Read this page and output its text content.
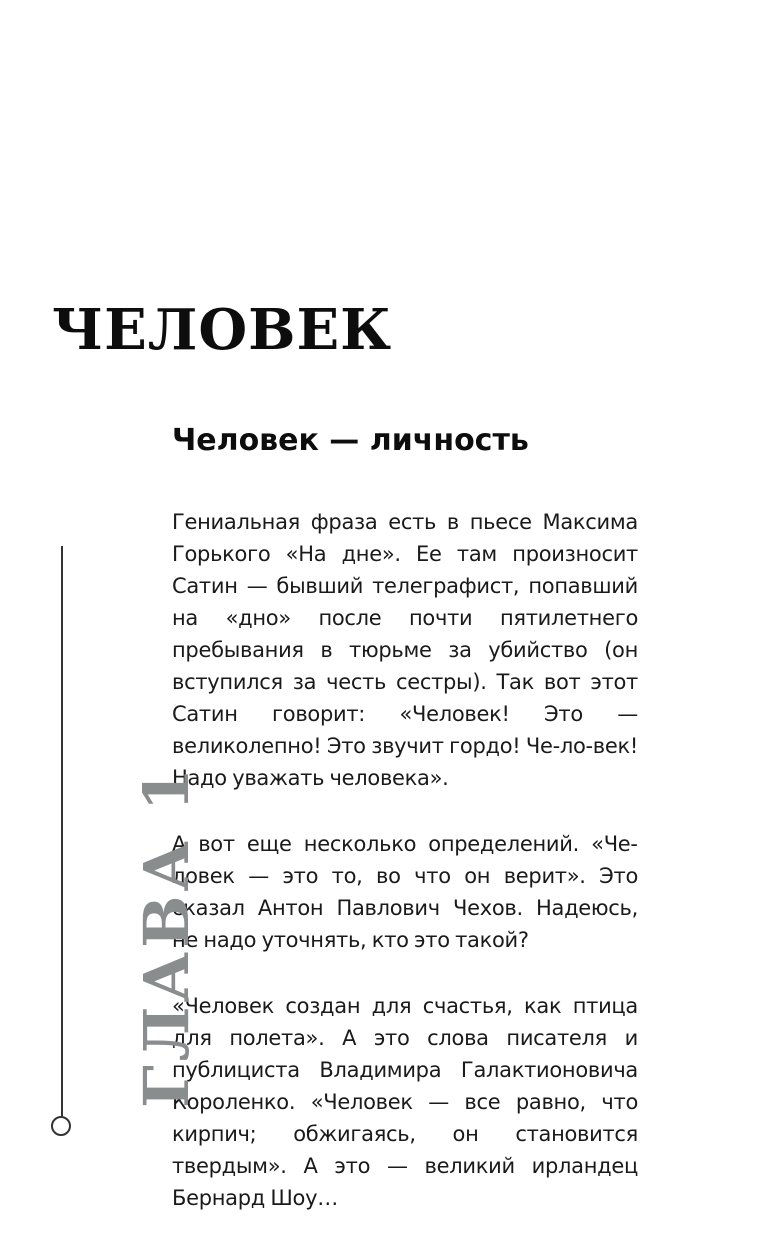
ЧЕЛОВЕК
Человек — личность

Гениальная фраза есть в пьесе Максима Горького «На дне». Ее там произносит Сатин — бывший телеграфист, попавший на «дно» после почти пятилетнего пребывания в тюрьме за убийство (он вступился за честь сестры). Так вот этот Сатин говорит: «Человек! Это — великолепно! Это звучит гордо! Че-ло-век! Надо уважать человека».

А вот еще несколько определений. «Человек — это то, во что он верит». Это сказал Антон Павлович Чехов. Надеюсь, не надо уточнять, кто это такой?

«Человек создан для счастья, как птица для полета». А это слова писателя и публициста Владимира Галактионовича Короленко. «Человек — все равно, что кирпич; обжигаясь, он становится твердым». А это — великий ирландец Бернард Шоу…

ГЛАВА 1
